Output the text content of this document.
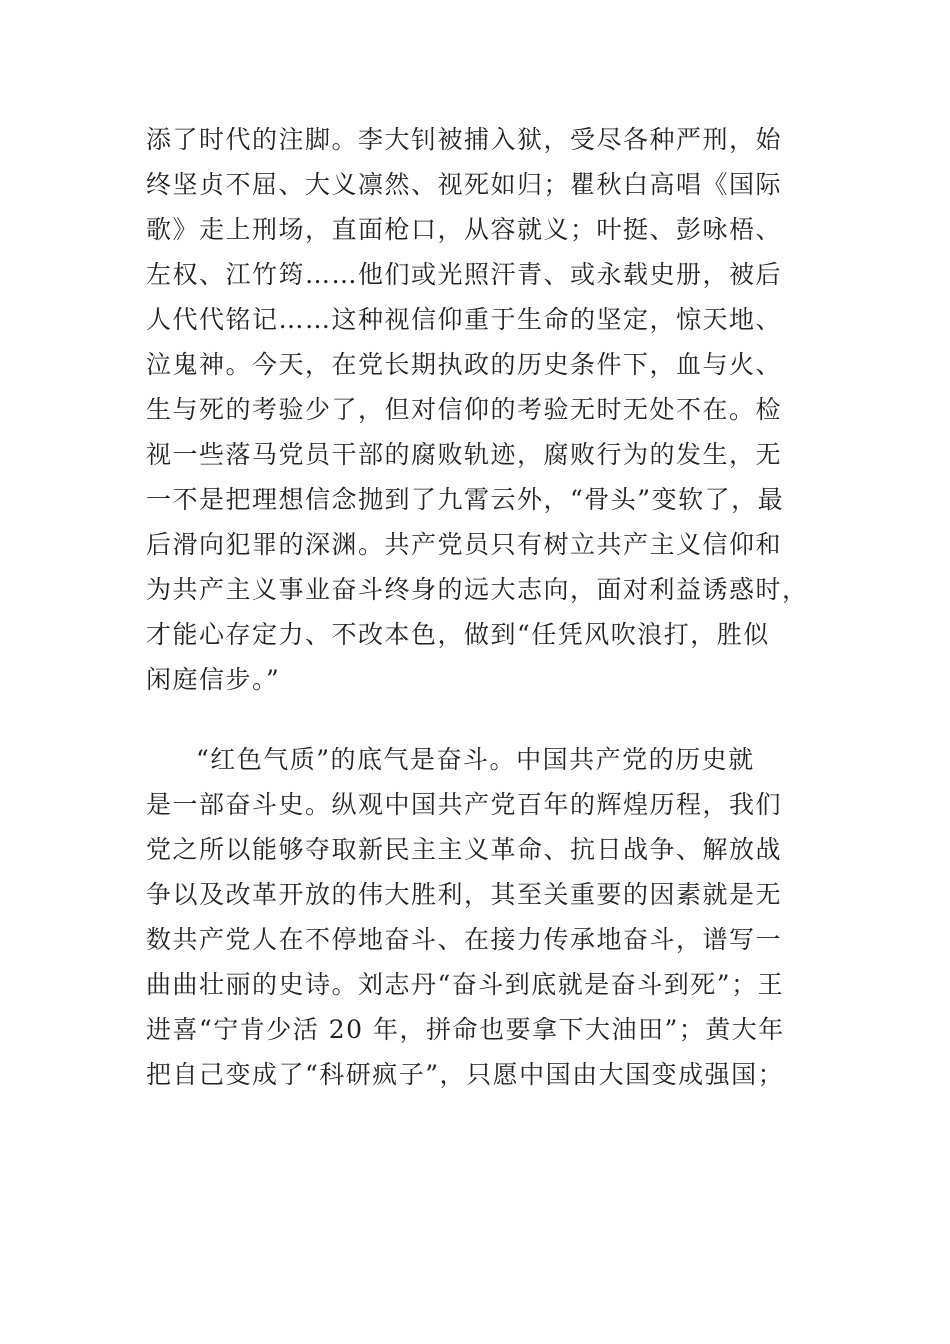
添了时代的注脚。李大钊被捕入狱，受尽各种严刑，始
终坚贞不屈、大义凛然、视死如归；瞿秋白高唱《国际
歌》走上刑场，直面枪口，从容就义；叶挺、彭咏梧、
左权、江竹筠……他们或光照汗青、或永载史册，被后
人代代铭记……这种视信仰重于生命的坚定，惊天地、
泣鬼神。今天，在党长期执政的历史条件下，血与火、
生与死的考验少了，但对信仰的考验无时无处不在。检
视一些落马党员干部的腐败轨迹，腐败行为的发生，无
一不是把理想信念抛到了九霄云外，“骨头”变软了，最
后滑向犯罪的深渊。共产党员只有树立共产主义信仰和
为共产主义事业奋斗终身的远大志向，面对利益诱惑时，
才能心存定力、不改本色，做到“任凭风吹浪打，胜似
闲庭信步。”
“红色气质”的底气是奋斗。中国共产党的历史就
是一部奋斗史。纵观中国共产党百年的辉煌历程，我们
党之所以能够夺取新民主主义革命、抗日战争、解放战
争以及改革开放的伟大胜利，其至关重要的因素就是无
数共产党人在不停地奋斗、在接力传承地奋斗，谱写一
曲曲壮丽的史诗。刘志丹“奋斗到底就是奋斗到死”；王
进喜“宁肯少活 20 年，拼命也要拿下大油田”；黄大年
把自己变成了“科研疯子”，只愿中国由大国变成强国；
